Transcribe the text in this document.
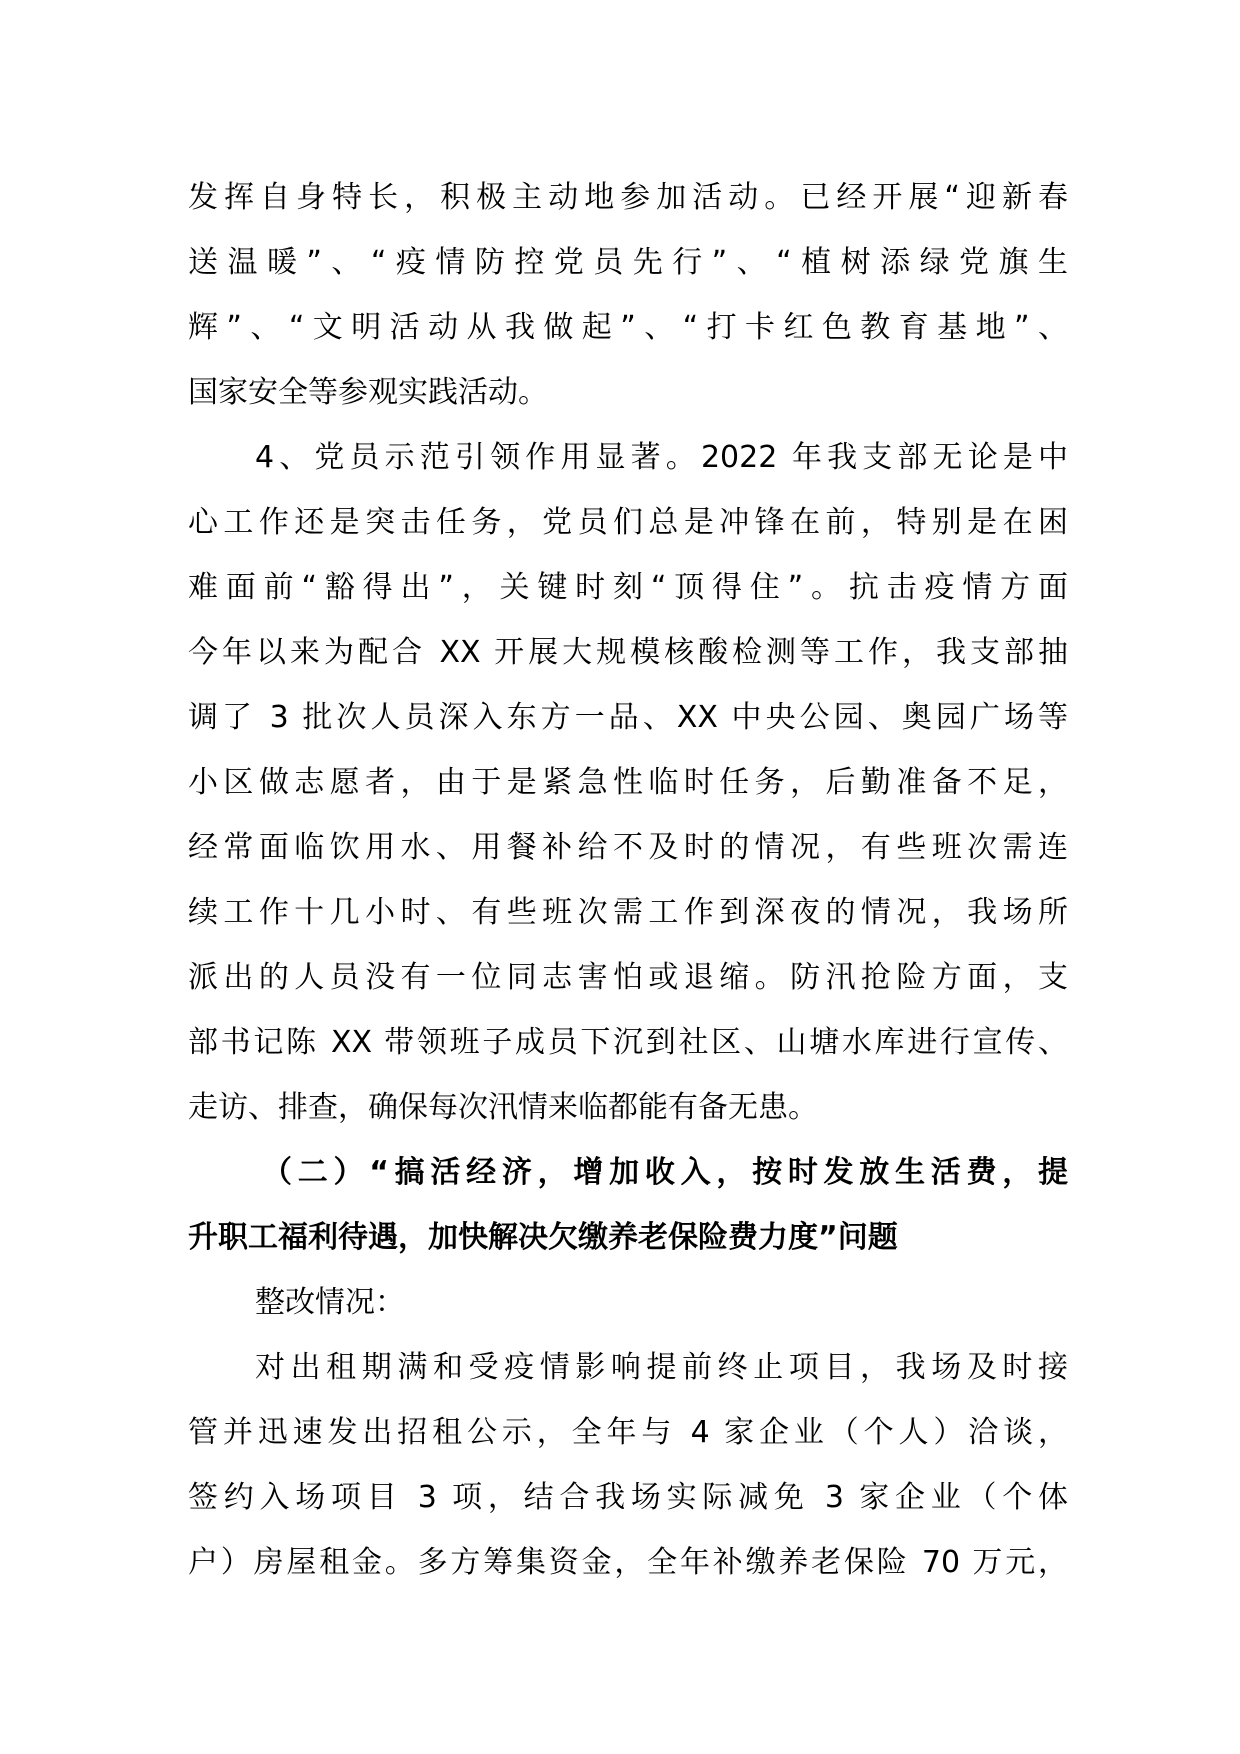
发挥自身特长，积极主动地参加活动。已经开展“迎新春
送温暖”、“疫情防控党员先行”、“植树添绿党旗生
辉”、“文明活动从我做起”、“打卡红色教育基地”、
国家安全等参观实践活动。
4、党员示范引领作用显著。2022 年我支部无论是中
心工作还是突击任务，党员们总是冲锋在前，特别是在困
难面前“豁得出”，关键时刻“顶得住”。抗击疫情方面
今年以来为配合 XX 开展大规模核酸检测等工作，我支部抽
调了 3 批次人员深入东方一品、XX 中央公园、奥园广场等
小区做志愿者，由于是紧急性临时任务，后勤准备不足，
经常面临饮用水、用餐补给不及时的情况，有些班次需连
续工作十几小时、有些班次需工作到深夜的情况，我场所
派出的人员没有一位同志害怕或退缩。防汛抢险方面，支
部书记陈 XX 带领班子成员下沉到社区、山塘水库进行宣传、
走访、排查，确保每次汛情来临都能有备无患。
（二）“搞活经济，增加收入，按时发放生活费，提
升职工福利待遇，加快解决欠缴养老保险费力度”问题
整改情况：
对出租期满和受疫情影响提前终止项目，我场及时接
管并迅速发出招租公示，全年与 4 家企业（个人）洽谈，
签约入场项目 3 项，结合我场实际减免 3 家企业（个体
户）房屋租金。多方筹集资金，全年补缴养老保险 70 万元，
